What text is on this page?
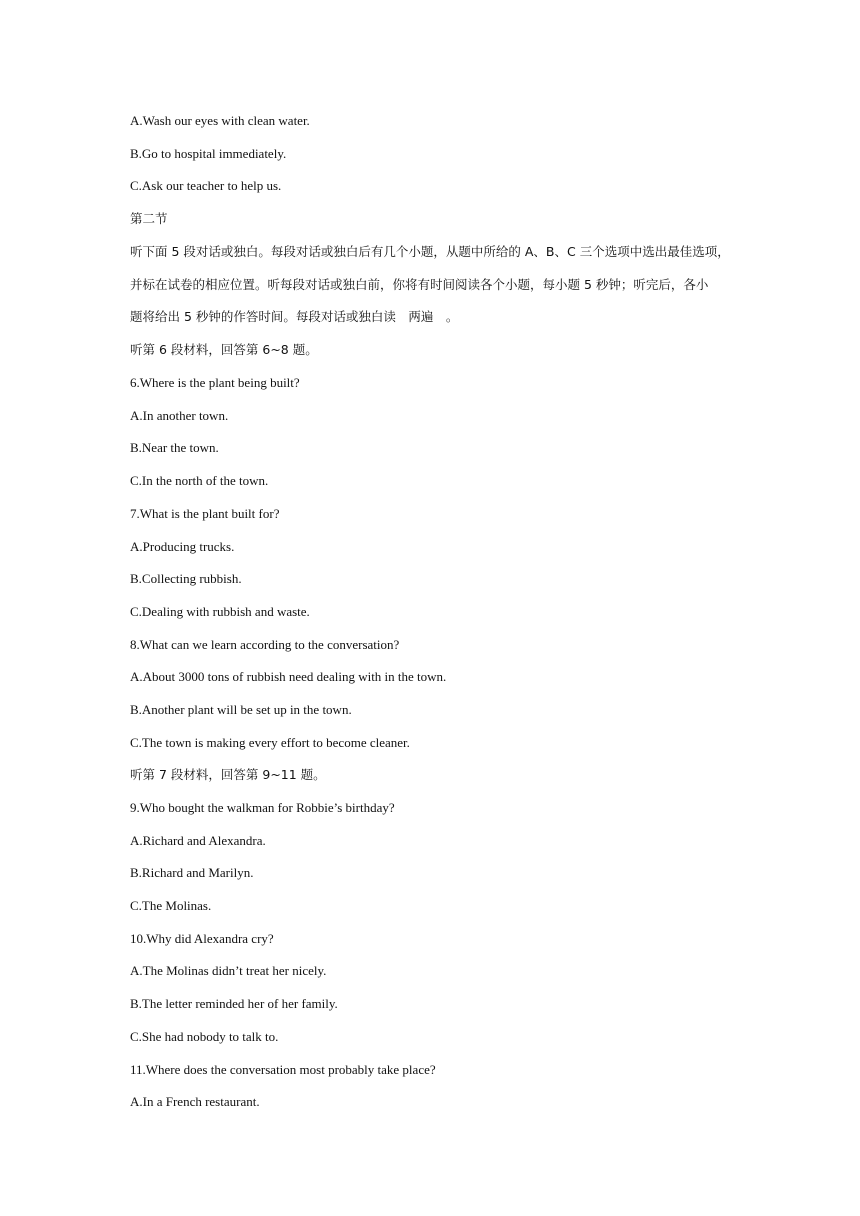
A.Wash our eyes with clean water.
B.Go to hospital immediately.
C.Ask our teacher to help us.
第二节
听下面 5 段对话或独白。每段对话或独白后有几个小题，从题中所给的 A、B、C 三个选项中选出最佳选项，
并标在试卷的相应位置。听每段对话或独白前，你将有时间阅读各个小题，每小题 5 秒钟；听完后，各小
题将给出 5 秒钟的作答时间。每段对话或独白读　两遍　。
听第 6 段材料，回答第 6~8 题。
6.Where is the plant being built?
A.In another town.
B.Near the town.
C.In the north of the town.
7.What is the plant built for?
A.Producing trucks.
B.Collecting rubbish.
C.Dealing with rubbish and waste.
8.What can we learn according to the conversation?
A.About 3000 tons of rubbish need dealing with in the town.
B.Another plant will be set up in the town.
C.The town is making every effort to become cleaner.
听第 7 段材料，回答第 9~11 题。
9.Who bought the walkman for Robbie’s birthday?
A.Richard and Alexandra.
B.Richard and Marilyn.
C.The Molinas.
10.Why did Alexandra cry?
A.The Molinas didn’t treat her nicely.
B.The letter reminded her of her family.
C.She had nobody to talk to.
11.Where does the conversation most probably take place?
A.In a French restaurant.
